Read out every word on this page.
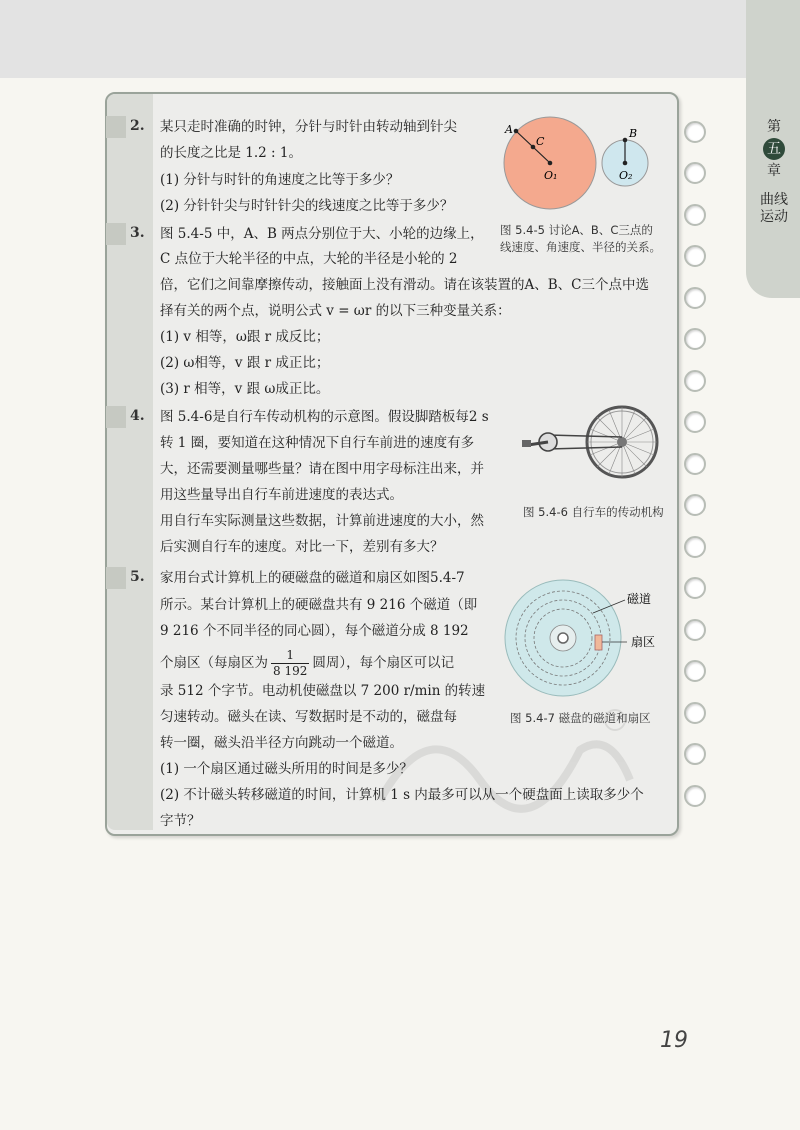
第
五
章
曲线运动
2. 某只走时准确的时钟，分针与时针由转动轴到针尖
的长度之比是 1.2 : 1。
(1) 分针与时针的角速度之比等于多少？
(2) 分针针尖与时针针尖的线速度之比等于多少？
A
C
O₁
B
O₂
图 5.4-5 讨论A、B、C三点的
线速度、角速度、半径的关系。
3. 图 5.4-5 中，A、B 两点分别位于大、小轮的边缘上，
C 点位于大轮半径的中点，大轮的半径是小轮的 2
倍，它们之间靠摩擦传动，接触面上没有滑动。请在该装置的A、B、C三个点中选
择有关的两个点，说明公式 v = ωr 的以下三种变量关系：
(1) v 相等，ω跟 r 成反比；
(2) ω相等，v 跟 r 成正比；
(3) r 相等，v 跟 ω成正比。
4. 图 5.4-6是自行车传动机构的示意图。假设脚踏板每2 s
转 1 圈，要知道在这种情况下自行车前进的速度有多
大，还需要测量哪些量？请在图中用字母标注出来，并
用这些量导出自行车前进速度的表达式。
用自行车实际测量这些数据，计算前进速度的大小，然
后实测自行车的速度。对比一下，差别有多大？
图 5.4-6 自行车的传动机构
5. 家用台式计算机上的硬磁盘的磁道和扇区如图5.4-7
所示。某台计算机上的硬磁盘共有 9 216 个磁道（即
9 216 个不同半径的同心圆），每个磁道分成 8 192
个扇区（每扇区为 $\frac{1}{8 192}$ 圆周），每个扇区可以记
录 512 个字节。电动机使磁盘以 7 200 r/min 的转速
匀速转动。磁头在读、写数据时是不动的，磁盘每
转一圈，磁头沿半径方向跳动一个磁道。
(1) 一个扇区通过磁头所用的时间是多少？
(2) 不计磁头转移磁道的时间，计算机 1 s 内最多可以从一个硬盘面上读取多少个
字节？
磁道
扇区
图 5.4-7 磁盘的磁道和扇区
19
